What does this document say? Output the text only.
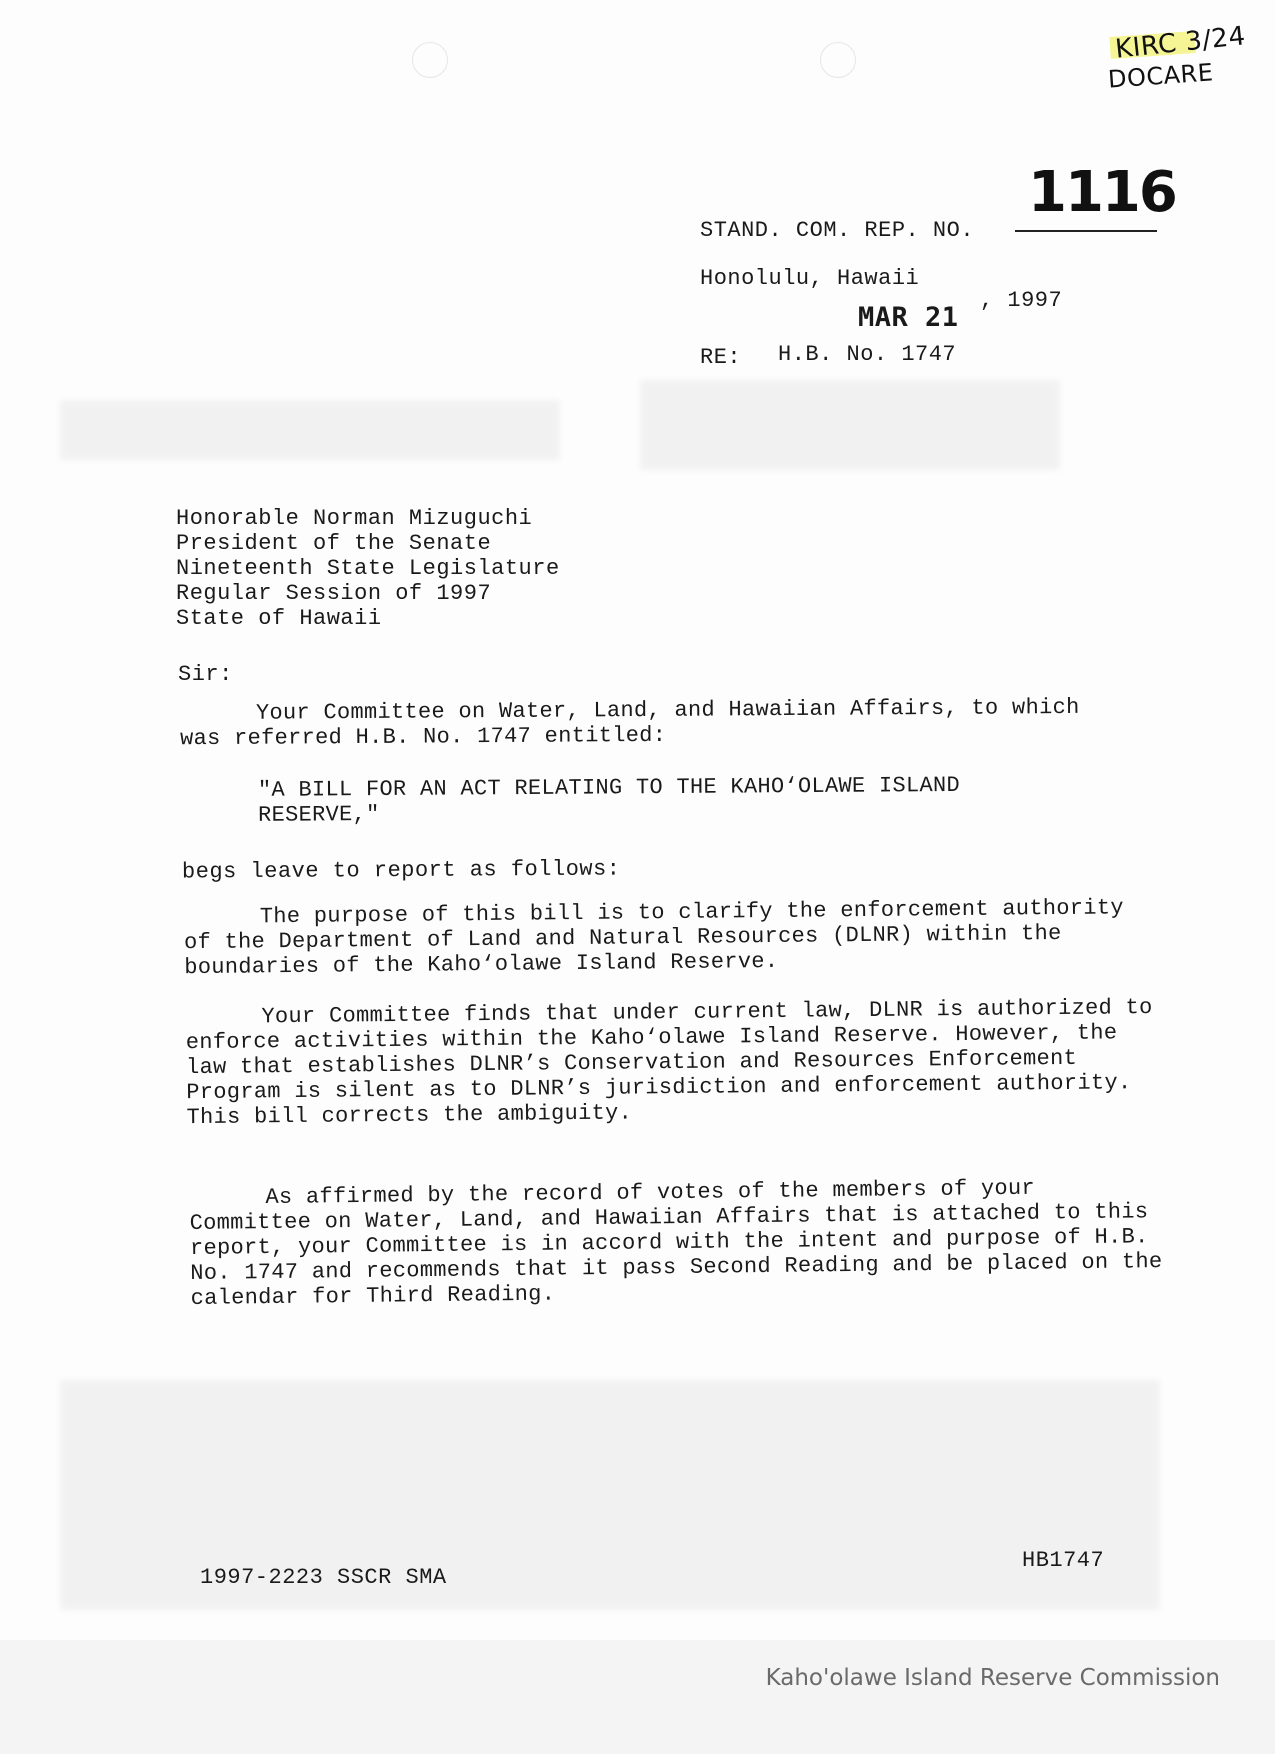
KIRC 3/24
DOCARE
STAND. COM. REP. NO.
1116
Honolulu, Hawaii
MAR 21
, 1997
RE: H.B. No. 1747
Honorable Norman Mizuguchi
President of the Senate
Nineteenth State Legislature
Regular Session of 1997
State of Hawaii
Sir:
Your Committee on Water, Land, and Hawaiian Affairs, to which was referred H.B. No. 1747 entitled:
"A BILL FOR AN ACT RELATING TO THE KAHO‘OLAWE ISLAND RESERVE,"
begs leave to report as follows:
The purpose of this bill is to clarify the enforcement authority of the Department of Land and Natural Resources (DLNR) within the boundaries of the Kaho‘olawe Island Reserve.
Your Committee finds that under current law, DLNR is authorized to enforce activities within the Kaho‘olawe Island Reserve. However, the law that establishes DLNR’s Conservation and Resources Enforcement Program is silent as to DLNR’s jurisdiction and enforcement authority. This bill corrects the ambiguity.
As affirmed by the record of votes of the members of your Committee on Water, Land, and Hawaiian Affairs that is attached to this report, your Committee is in accord with the intent and purpose of H.B. No. 1747 and recommends that it pass Second Reading and be placed on the calendar for Third Reading.
1997-2223 SSCR SMA
HB1747
Kaho'olawe Island Reserve Commission
